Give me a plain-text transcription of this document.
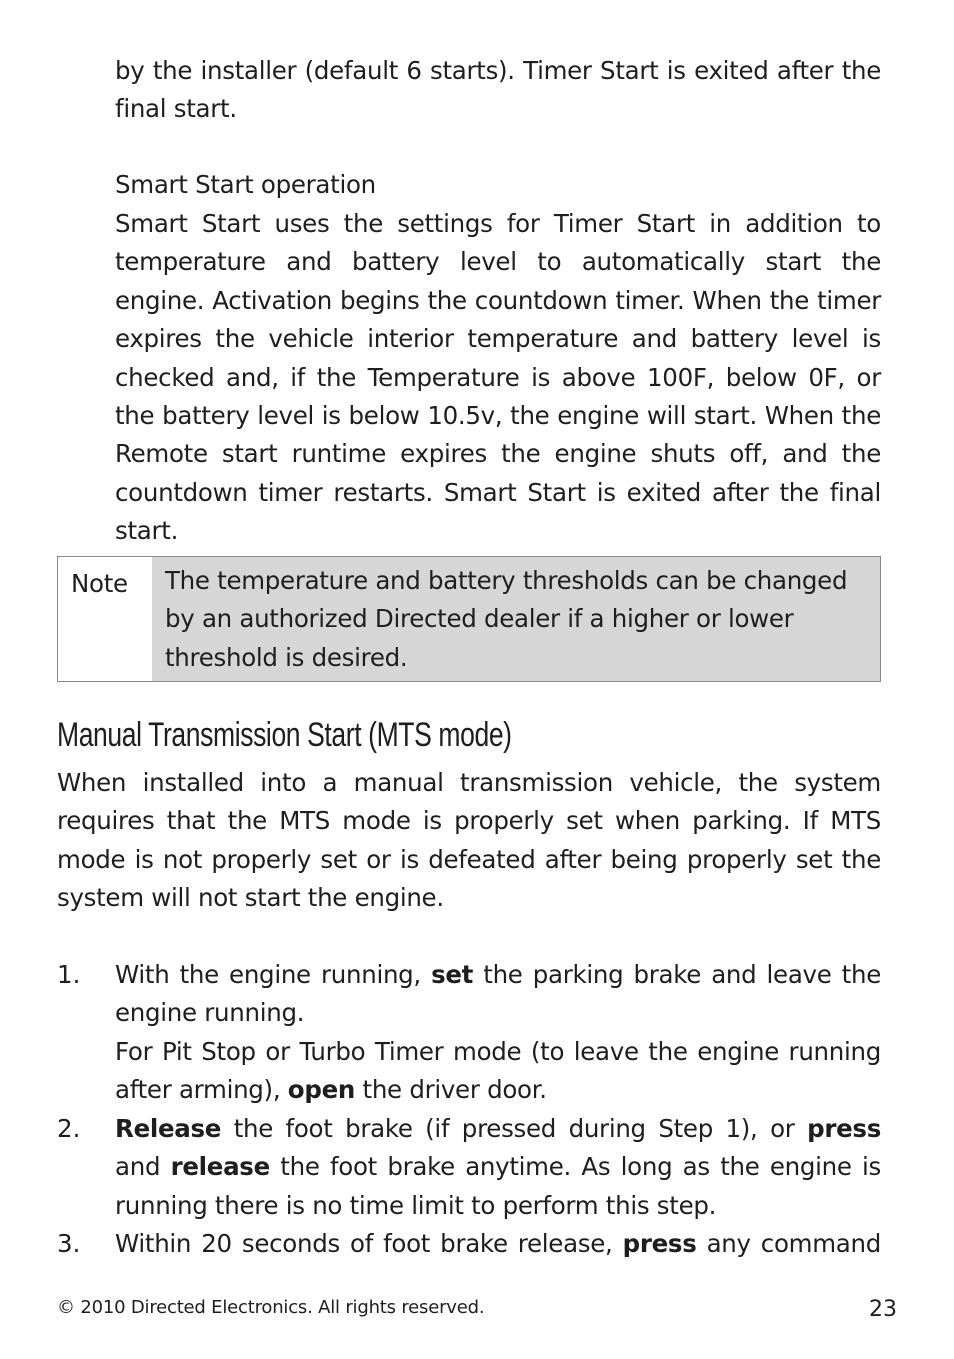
by the installer (default 6 starts). Timer Start is exited after the final start.

Smart Start operation

Smart Start uses the settings for Timer Start in addition to temperature and battery level to automatically start the engine. Activation begins the countdown timer. When the timer expires the vehicle interior temperature and battery level is checked and, if the Temperature is above 100F, below 0F, or the battery level is below 10.5v, the engine will start. When the Remote start runtime expires the engine shuts off, and the countdown timer restarts. Smart Start is exited after the final start.

Note	The temperature and battery thresholds can be changed by an authorized Directed dealer if a higher or lower threshold is desired.
Manual Transmission Start (MTS mode)

When installed into a manual transmission vehicle, the system requires that the MTS mode is properly set when parking. If MTS mode is not properly set or is defeated after being properly set the system will not start the engine.

1. With the engine running, set the parking brake and leave the engine running.

For Pit Stop or Turbo Timer mode (to leave the engine running after arming), open the driver door.

2. Release the foot brake (if pressed during Step 1), or press and release the foot brake anytime. As long as the engine is running there is no time limit to perform this step.

3. Within 20 seconds of foot brake release, press any command

© 2010 Directed Electronics. All rights reserved.	23
